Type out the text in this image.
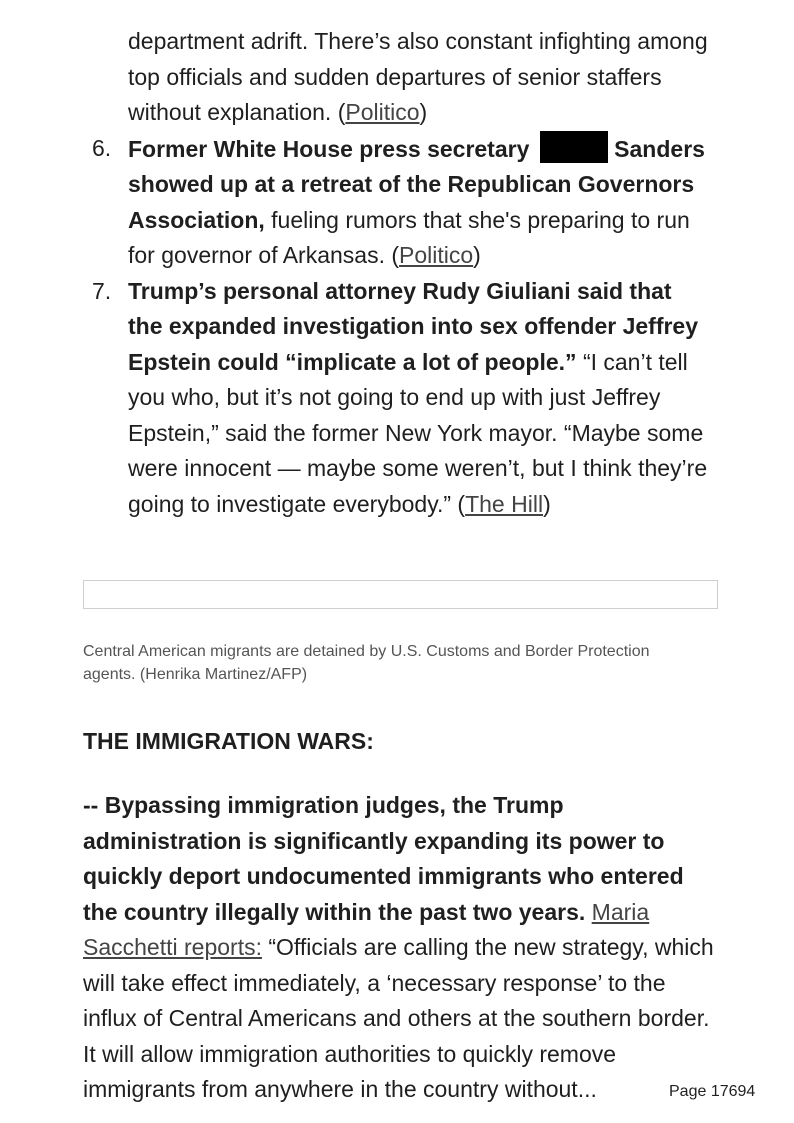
department adrift. There’s also constant infighting among top officials and sudden departures of senior staffers without explanation. (Politico)
6. Former White House press secretary	Sanders showed up at a retreat of the Republican Governors Association, fueling rumors that she's preparing to run for governor of Arkansas. (Politico)
7. Trump’s personal attorney Rudy Giuliani said that the expanded investigation into sex offender Jeffrey Epstein could “implicate a lot of people.” “I can’t tell you who, but it’s not going to end up with just Jeffrey Epstein,” said the former New York mayor. “Maybe some were innocent — maybe some weren’t, but I think they’re going to investigate everybody.” (The Hill)
Central American migrants are detained by U.S. Customs and Border Protection agents. (Henrika Martinez/AFP)
THE IMMIGRATION WARS:
-- Bypassing immigration judges, the Trump administration is significantly expanding its power to quickly deport undocumented immigrants who entered the country illegally within the past two years. Maria Sacchetti reports: “Officials are calling the new strategy, which will take effect immediately, a ‘necessary response’ to the influx of Central Americans and others at the southern border. It will allow immigration authorities to quickly remove immigrants from anywhere in the country without...	Page 17694
